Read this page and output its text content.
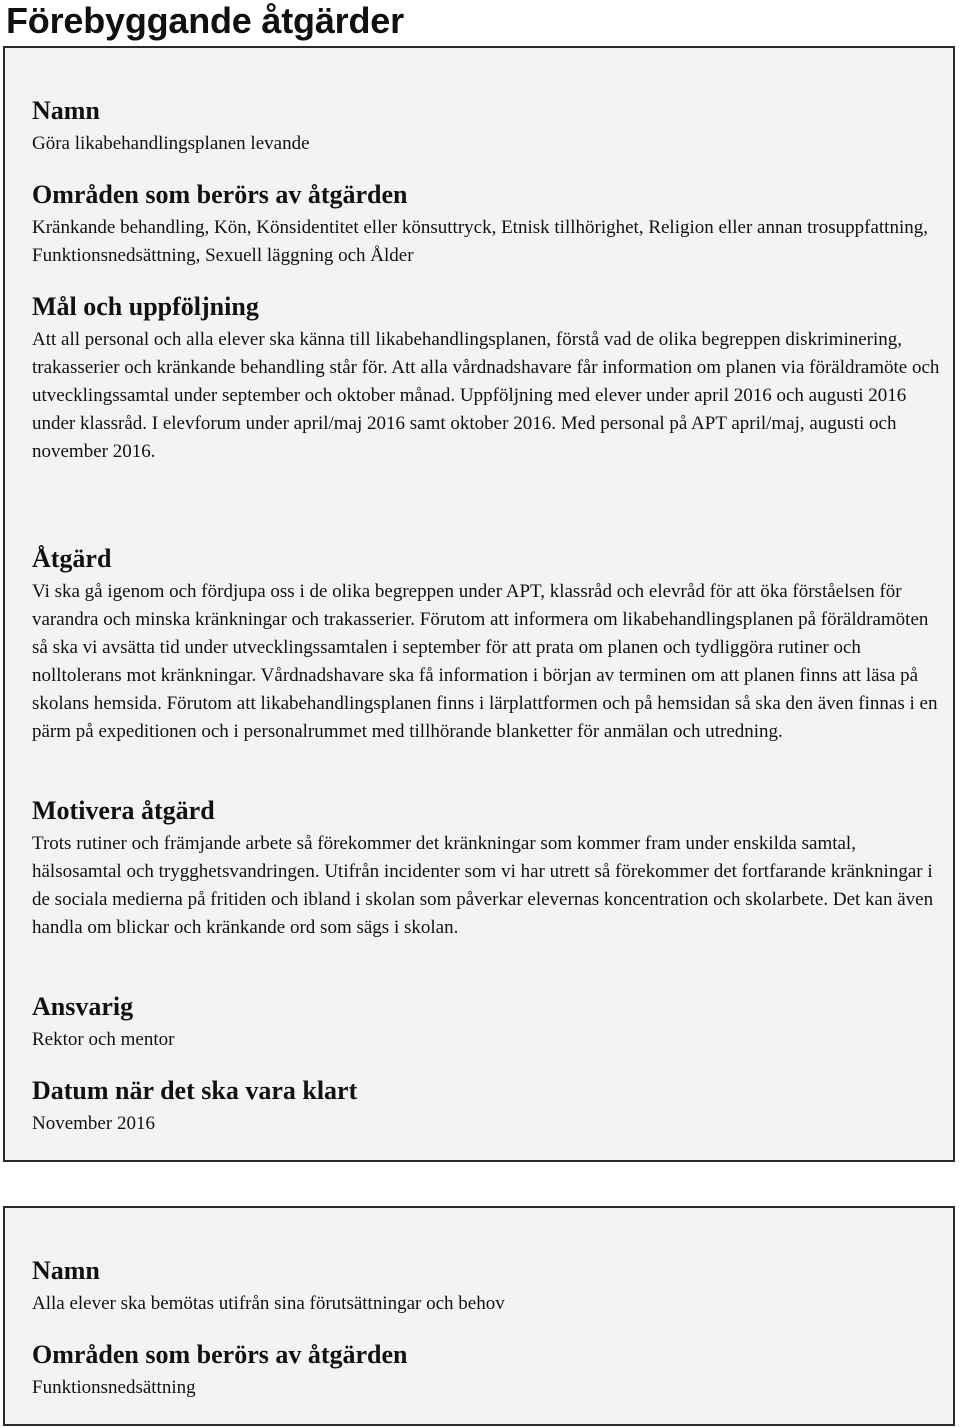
Förebyggande åtgärder
Namn

Göra likabehandlingsplanen levande

Områden som berörs av åtgärden

Kränkande behandling, Kön, Könsidentitet eller könsuttryck, Etnisk tillhörighet, Religion eller annan trosuppfattning, Funktionsnedsättning, Sexuell läggning och Ålder

Mål och uppföljning

Att all personal och alla elever ska känna till likabehandlingsplanen, förstå vad de olika begreppen diskriminering, trakasserier och kränkande behandling står för. Att alla vårdnadshavare får information om planen via föräldramöte och utvecklingssamtal under september och oktober månad. Uppföljning med elever under april 2016 och augusti 2016 under klassråd. I elevforum under april/maj 2016 samt oktober 2016. Med personal på APT april/maj, augusti och november 2016.

Åtgärd

Vi ska gå igenom och fördjupa oss i de olika begreppen under APT, klassråd och elevråd för att öka förståelsen för varandra och minska kränkningar och trakasserier. Förutom att informera om likabehandlingsplanen på föräldramöten så ska vi avsätta tid under utvecklingssamtalen i september för att prata om planen och tydliggöra rutiner och nolltolerans mot kränkningar. Vårdnadshavare ska få information i början av terminen om att planen finns att läsa på skolans hemsida. Förutom att likabehandlingsplanen finns i lärplattformen och på hemsidan så ska den även finnas i en pärm på expeditionen och i personalrummet med tillhörande blanketter för anmälan och utredning.

Motivera åtgärd

Trots rutiner och främjande arbete så förekommer det kränkningar som kommer fram under enskilda samtal, hälsosamtal och trygghetsvandringen. Utifrån incidenter som vi har utrett så förekommer det fortfarande kränkningar i de sociala medierna på fritiden och ibland i skolan som påverkar elevernas koncentration och skolarbete. Det kan även handla om blickar och kränkande ord som sägs i skolan.

Ansvarig

Rektor och mentor

Datum när det ska vara klart

November 2016

Namn

Alla elever ska bemötas utifrån sina förutsättningar och behov

Områden som berörs av åtgärden

Funktionsnedsättning
